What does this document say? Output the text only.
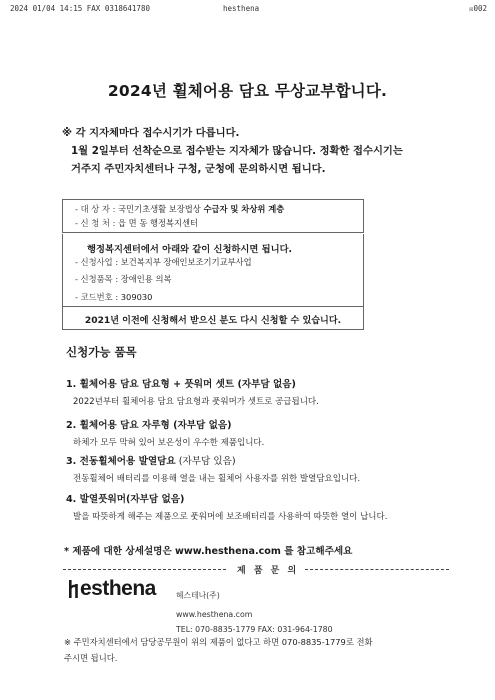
2024 01/04 14:15 FAX 0318641780	hesthena	☒002
2024년 휠체어용 담요 무상교부합니다.
※ 각 지자체마다 접수시기가 다릅니다.
1월 2일부터 선착순으로 접수받는 지자체가 많습니다. 정확한 접수시기는
거주지 주민자치센터나 구청, 군청에 문의하시면 됩니다.
- 대 상 자 : 국민기초생활 보장법상 수급자 및 차상위 계층
- 신 청 처 : 읍 면 동 행정복지센터
행정복지센터에서 아래와 같이 신청하시면 됩니다.
- 신청사업 : 보건복지부 장애인보조기기교부사업
- 신청품목 : 장애인용 의복
- 코드번호 : 309030
2021년 이전에 신청해서 받으신 분도 다시 신청할 수 있습니다.
신청가능 품목
1. 휠체어용 담요 담요형 + 풋워머 셋트 (자부담 없음)
2022년부터 휠체어용 담요 담요형과 풋워머가 셋트로 공급됩니다.
2. 휠체어용 담요 자루형 (자부담 없음)
하체가 모두 막혀 있어 보온성이 우수한 제품입니다.
3. 전동휠체어용 발열담요 (자부담 있음)
전동휠체어 배터리를 이용해 열을 내는 휠체어 사용자를 위한 발열담요입니다.
4. 발열풋워머(자부담 없음)
발을 따뜻하게 해주는 제품으로 풋워머에 보조배터리를 사용하여 따뜻한 열이 납니다.
* 제품에 대한 상세설명은 www.hesthena.com 를 참고해주세요
제 품 문 의
esthena	헤스테나(주)
www.hesthena.com
TEL: 070-8835-1779 FAX: 031-964-1780
※ 주민자치센터에서 담당공무원이 위의 제품이 없다고 하면 070-8835-1779로 전화
주시면 됩니다.
